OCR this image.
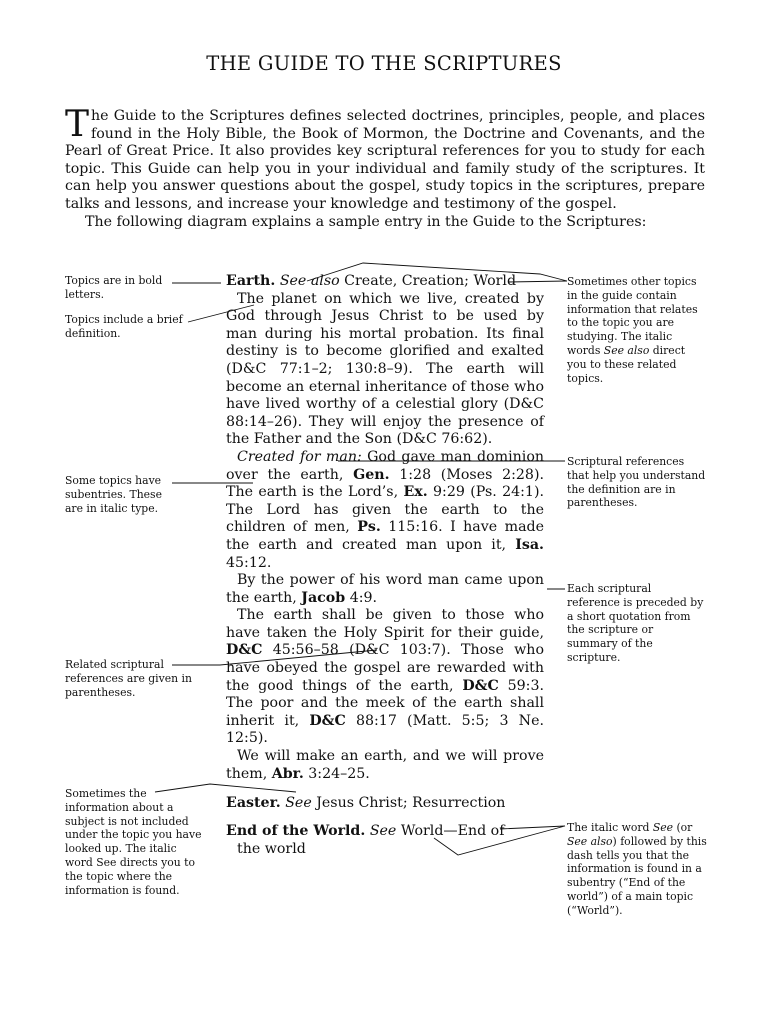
THE GUIDE TO THE SCRIPTURES

The Guide to the Scriptures defines selected doctrines, principles, people, and places found in the Holy Bible, the Book of Mormon, the Doctrine and Covenants, and the Pearl of Great Price. It also provides key scriptural references for you to study for each topic. This Guide can help you in your individual and family study of the scriptures. It can help you answer questions about the gospel, study topics in the scriptures, prepare talks and lessons, and increase your knowledge and testimony of the gospel.

The following diagram explains a sample entry in the Guide to the Scriptures:

Topics are in bold letters.
Topics include a brief definition.
Some topics have subentries. These are in italic type.
Related scriptural references are given in parentheses.
Sometimes the information about a subject is not included under the topic you have looked up. The italic word See directs you to the topic where the information is found.
Sometimes other topics in the guide contain information that relates to the topic you are studying. The italic words See also direct you to these related topics.
Scriptural references that help you understand the definition are in parentheses.
Each scriptural reference is preceded by a short quotation from the scripture or summary of the scripture.
The italic word See (or See also) followed by this dash tells you that the information is found in a subentry (“End of the world”) of a main topic (“World”).

Earth. See also Create, Creation; World

The planet on which we live, created by God through Jesus Christ to be used by man during his mortal probation. Its final destiny is to become glorified and exalted (D&C 77:1–2; 130:8–9). The earth will become an eternal inheritance of those who have lived worthy of a celestial glory (D&C 88:14–26). They will enjoy the presence of the Father and the Son (D&C 76:62).

Created for man: God gave man dominion over the earth, Gen. 1:28 (Moses 2:28). The earth is the Lord’s, Ex. 9:29 (Ps. 24:1). The Lord has given the earth to the children of men, Ps. 115:16. I have made the earth and created man upon it, Isa. 45:12.

By the power of his word man came upon the earth, Jacob 4:9.

The earth shall be given to those who have taken the Holy Spirit for their guide, D&C 45:56–58 (D&C 103:7). Those who have obeyed the gospel are rewarded with the good things of the earth, D&C 59:3. The poor and the meek of the earth shall inherit it, D&C 88:17 (Matt. 5:5; 3 Ne. 12:5).

We will make an earth, and we will prove them, Abr. 3:24–25.

Easter. See Jesus Christ; Resurrection

End of the World. See World—End of the world
